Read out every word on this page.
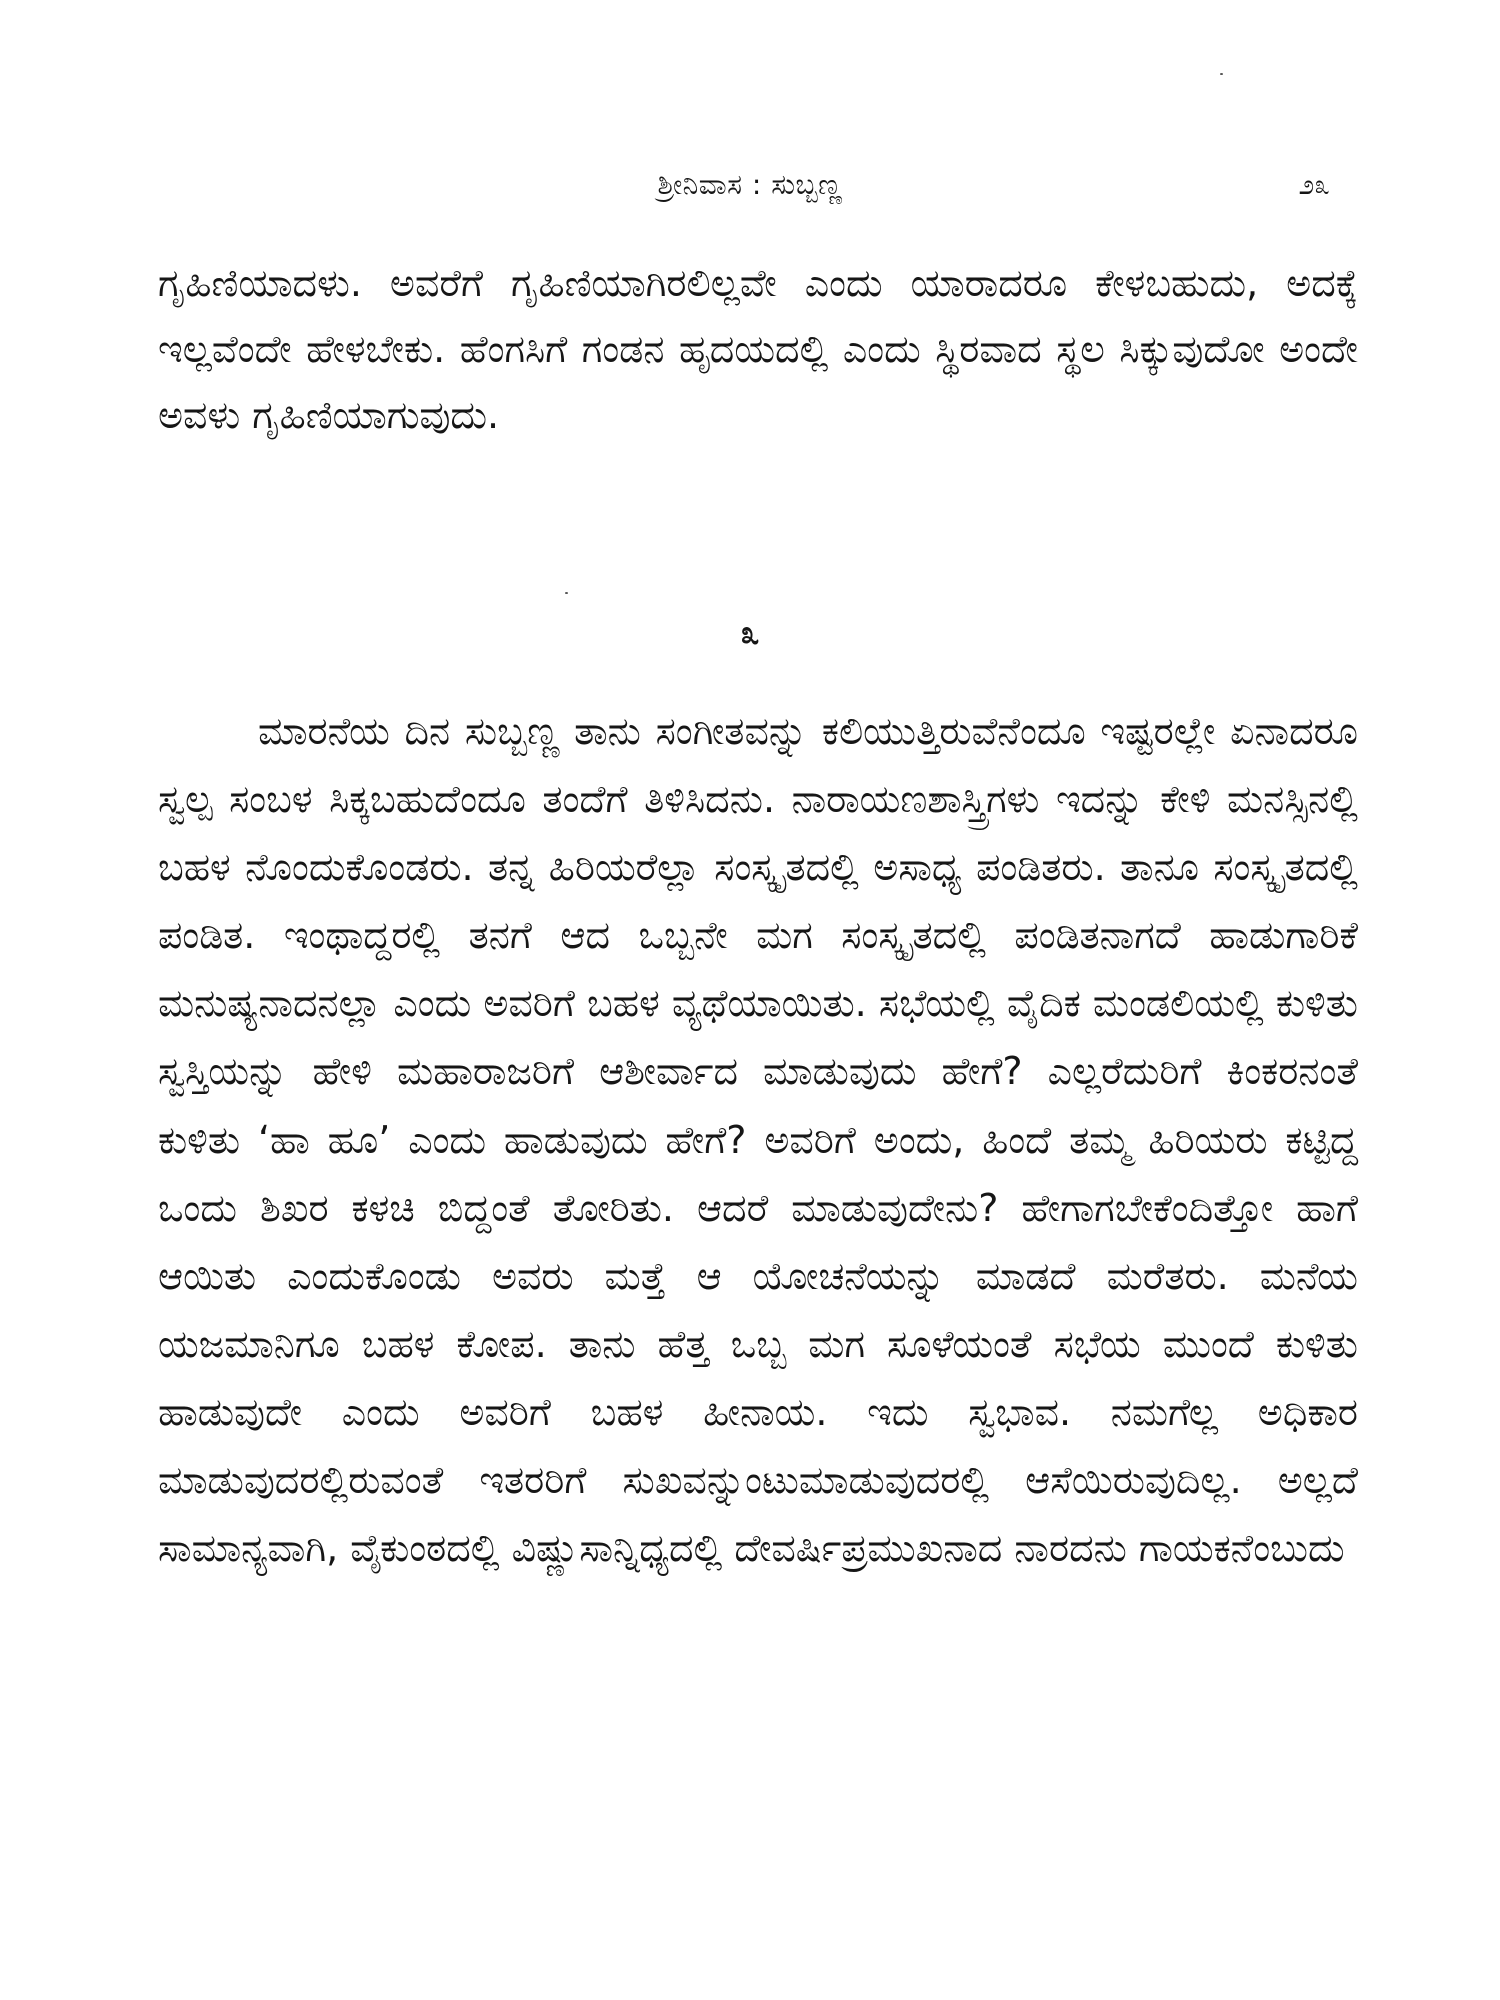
ಶ್ರೀನಿವಾಸ : ಸುಬ್ಬಣ್ಣ	೨೩

ಗೃಹಿಣಿಯಾದಳು. ಅವರೆಗೆ ಗೃಹಿಣಿಯಾಗಿರಲಿಲ್ಲವೇ ಎಂದು ಯಾರಾದರೂ ಕೇಳಬಹುದು, ಅದಕ್ಕೆ ಇಲ್ಲವೆಂದೇ ಹೇಳಬೇಕು. ಹೆಂಗಸಿಗೆ ಗಂಡನ ಹೃದಯದಲ್ಲಿ ಎಂದು ಸ್ಥಿರವಾದ ಸ್ಥಲ ಸಿಕ್ಕುವುದೋ ಅಂದೇ ಅವಳು ಗೃಹಿಣಿಯಾಗುವುದು.

೩

ಮಾರನೆಯ ದಿನ ಸುಬ್ಬಣ್ಣ ತಾನು ಸಂಗೀತವನ್ನು ಕಲಿಯುತ್ತಿರುವೆನೆಂದೂ ಇಷ್ಟರಲ್ಲೇ ಏನಾದರೂ ಸ್ವಲ್ಪ ಸಂಬಳ ಸಿಕ್ಕಬಹುದೆಂದೂ ತಂದೆಗೆ ತಿಳಿಸಿದನು. ನಾರಾಯಣಶಾಸ್ತ್ರಿಗಳು ಇದನ್ನು ಕೇಳಿ ಮನಸ್ಸಿನಲ್ಲಿ ಬಹಳ ನೊಂದುಕೊಂಡರು. ತನ್ನ ಹಿರಿಯರೆಲ್ಲಾ ಸಂಸ್ಕೃತದಲ್ಲಿ ಅಸಾಧ್ಯ ಪಂಡಿತರು. ತಾನೂ ಸಂಸ್ಕೃತದಲ್ಲಿ ಪಂಡಿತ. ಇಂಥಾದ್ದರಲ್ಲಿ ತನಗೆ ಆದ ಒಬ್ಬನೇ ಮಗ ಸಂಸ್ಕೃತದಲ್ಲಿ ಪಂಡಿತನಾಗದೆ ಹಾಡುಗಾರಿಕೆ ಮನುಷ್ಯನಾದನಲ್ಲಾ ಎಂದು ಅವರಿಗೆ ಬಹಳ ವ್ಯಥೆಯಾಯಿತು. ಸಭೆಯಲ್ಲಿ ವೈದಿಕ ಮಂಡಲಿಯಲ್ಲಿ ಕುಳಿತು ಸ್ವಸ್ತಿಯನ್ನು ಹೇಳಿ ಮಹಾರಾಜರಿಗೆ ಆಶೀರ್ವಾದ ಮಾಡುವುದು ಹೇಗೆ? ಎಲ್ಲರೆದುರಿಗೆ ಕಿಂಕರನಂತೆ ಕುಳಿತು ‘ಹಾ ಹೂ’ ಎಂದು ಹಾಡುವುದು ಹೇಗೆ? ಅವರಿಗೆ ಅಂದು, ಹಿಂದೆ ತಮ್ಮ ಹಿರಿಯರು ಕಟ್ಟಿದ್ದ ಒಂದು ಶಿಖರ ಕಳಚಿ ಬಿದ್ದಂತೆ ತೋರಿತು. ಆದರೆ ಮಾಡುವುದೇನು? ಹೇಗಾಗಬೇಕೆಂದಿತ್ತೋ ಹಾಗೆ ಆಯಿತು ಎಂದುಕೊಂಡು ಅವರು ಮತ್ತೆ ಆ ಯೋಚನೆಯನ್ನು ಮಾಡದೆ ಮರೆತರು. ಮನೆಯ ಯಜಮಾನಿಗೂ ಬಹಳ ಕೋಪ. ತಾನು ಹೆತ್ತ ಒಬ್ಬ ಮಗ ಸೂಳೆಯಂತೆ ಸಭೆಯ ಮುಂದೆ ಕುಳಿತು ಹಾಡುವುದೇ ಎಂದು ಅವರಿಗೆ ಬಹಳ ಹೀನಾಯ. ಇದು ಸ್ವಭಾವ. ನಮಗೆಲ್ಲ ಅಧಿಕಾರ ಮಾಡುವುದರಲ್ಲಿರುವಂತೆ ಇತರರಿಗೆ ಸುಖವನ್ನುಂಟುಮಾಡುವುದರಲ್ಲಿ ಆಸೆಯಿರುವುದಿಲ್ಲ. ಅಲ್ಲದೆ ಸಾಮಾನ್ಯವಾಗಿ, ವೈಕುಂಠದಲ್ಲಿ ವಿಷ್ಣುಸಾನ್ನಿಧ್ಯದಲ್ಲಿ ದೇವರ್ಷಿಪ್ರಮುಖನಾದ ನಾರದನು ಗಾಯಕನೆಂಬುದು
